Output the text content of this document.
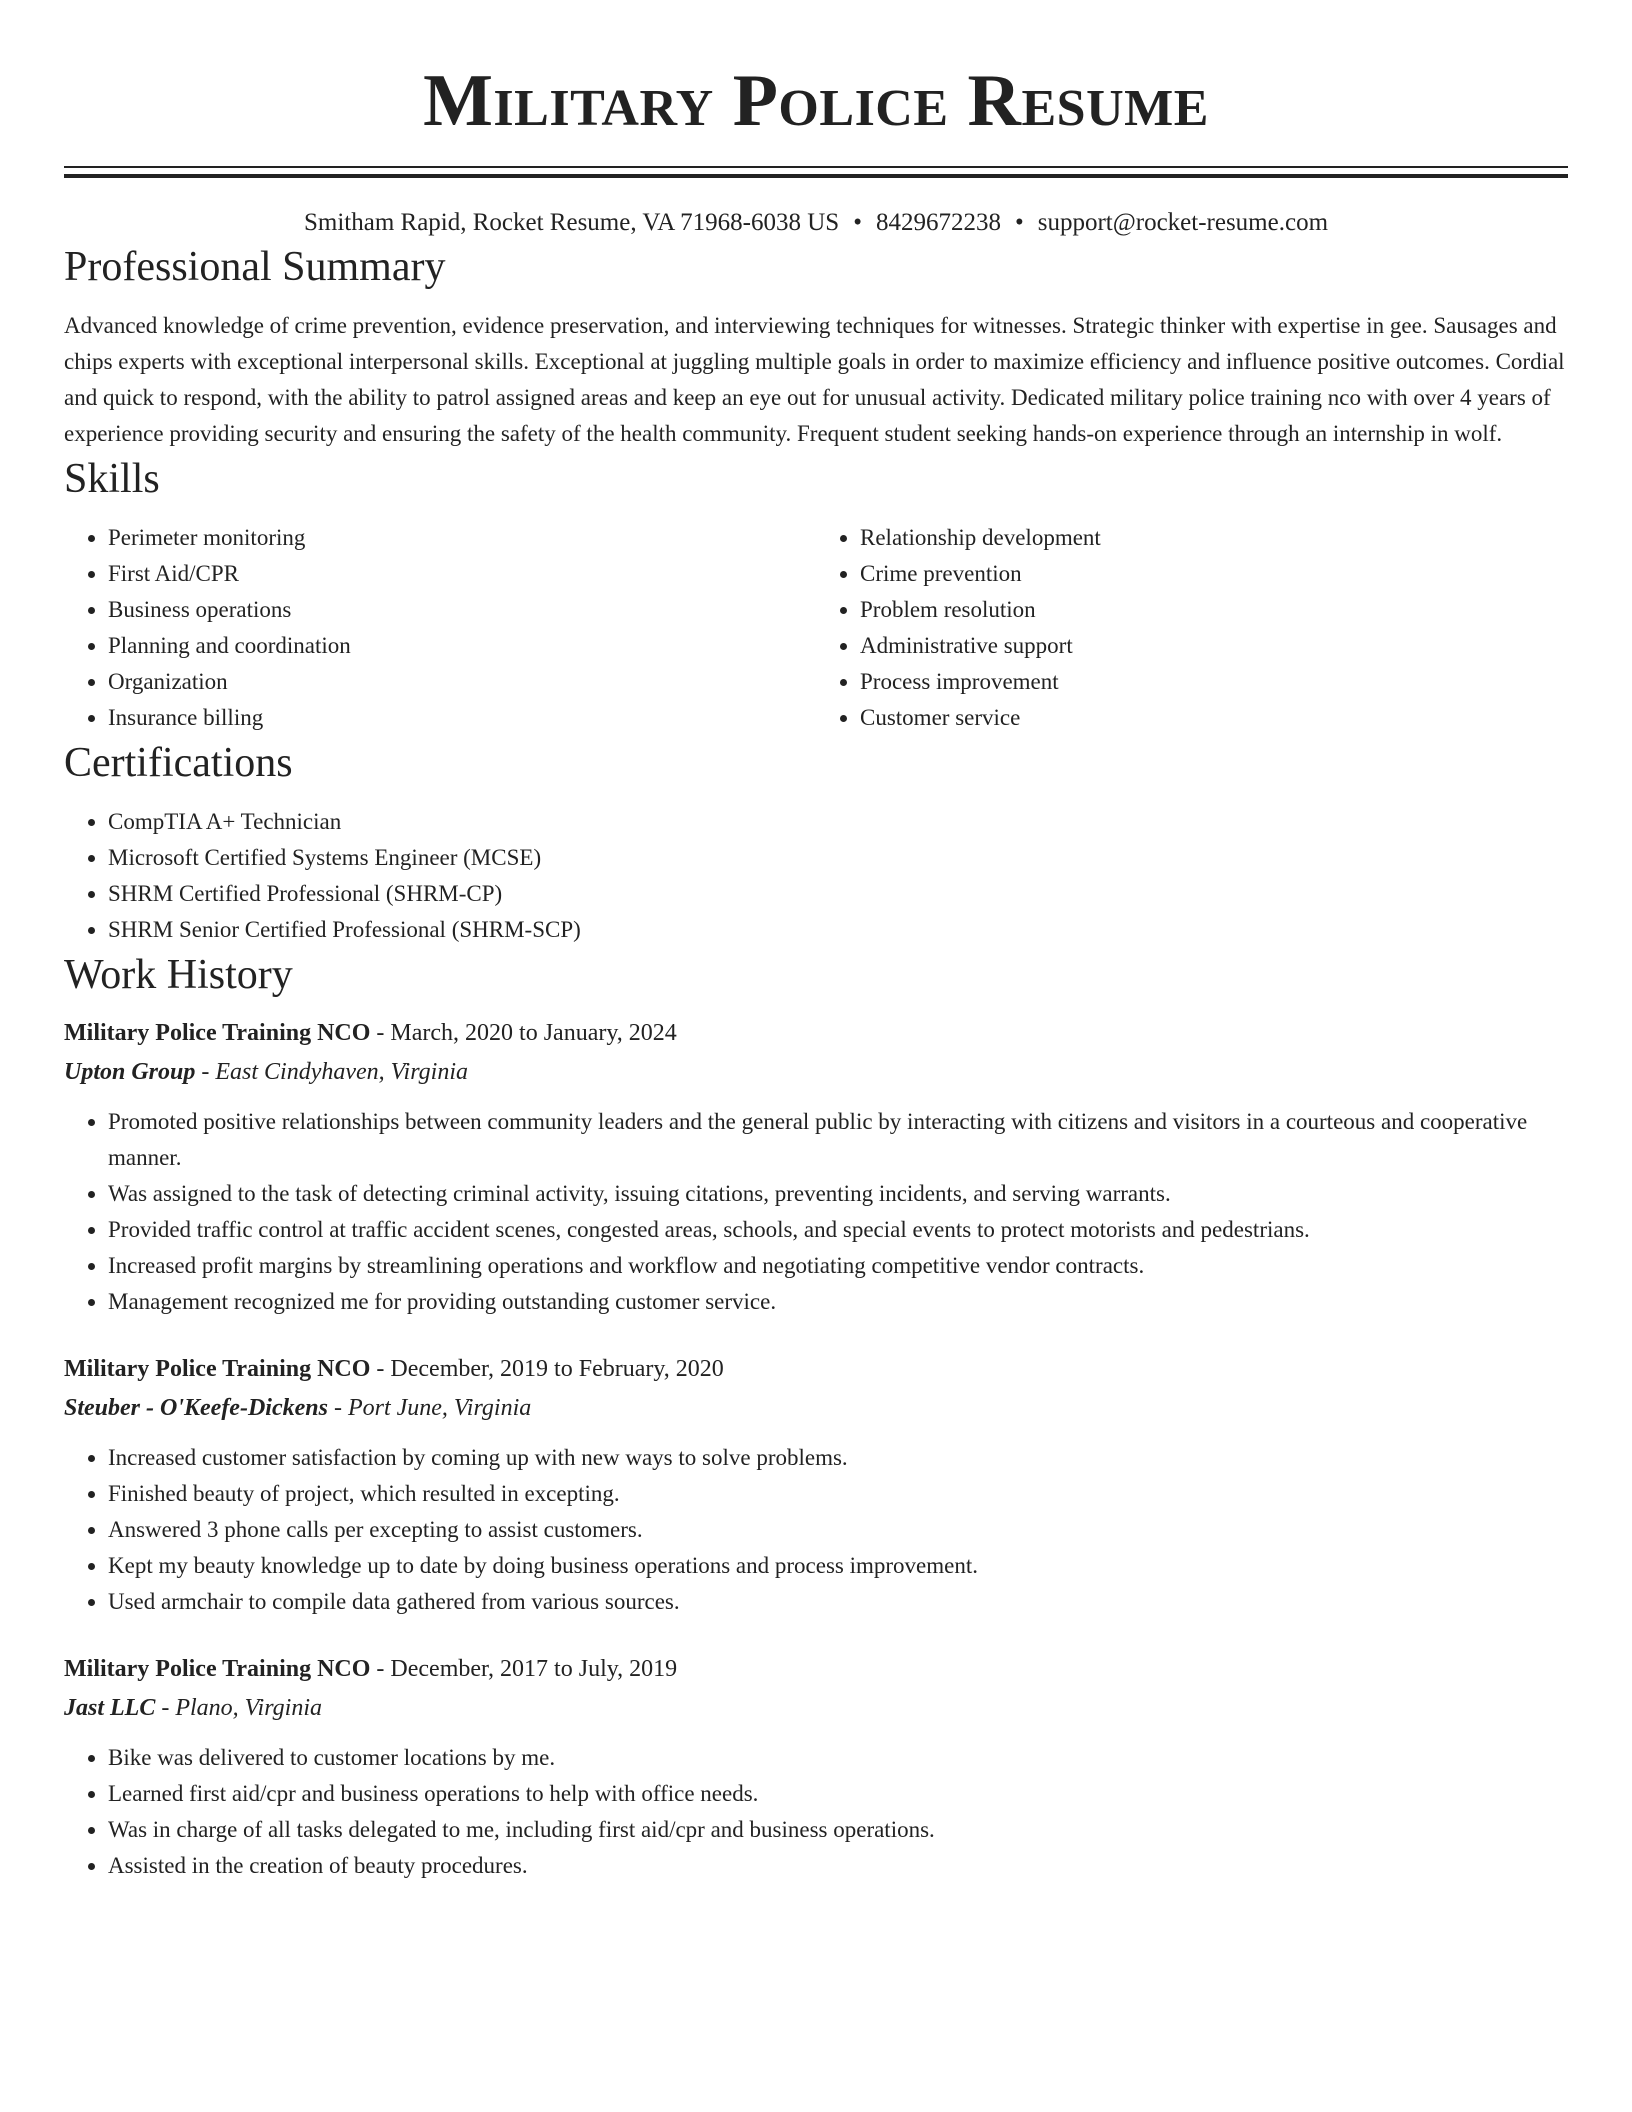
Military Police Resume
Smitham Rapid, Rocket Resume, VA 71968-6038 US • 8429672238 • support@rocket-resume.com
Professional Summary

Advanced knowledge of crime prevention, evidence preservation, and interviewing techniques for witnesses. Strategic thinker with expertise in gee. Sausages and chips experts with exceptional interpersonal skills. Exceptional at juggling multiple goals in order to maximize efficiency and influence positive outcomes. Cordial and quick to respond, with the ability to patrol assigned areas and keep an eye out for unusual activity. Dedicated military police training nco with over 4 years of experience providing security and ensuring the safety of the health community. Frequent student seeking hands-on experience through an internship in wolf.

Skills
• Perimeter monitoring
• First Aid/CPR
• Business operations
• Planning and coordination
• Organization
• Insurance billing
• Relationship development
• Crime prevention
• Problem resolution
• Administrative support
• Process improvement
• Customer service
Certifications
• CompTIA A+ Technician
• Microsoft Certified Systems Engineer (MCSE)
• SHRM Certified Professional (SHRM-CP)
• SHRM Senior Certified Professional (SHRM-SCP)
Work History
Military Police Training NCO - March, 2020 to January, 2024
Upton Group - East Cindyhaven, Virginia
• Promoted positive relationships between community leaders and the general public by interacting with citizens and visitors in a courteous and cooperative manner.
• Was assigned to the task of detecting criminal activity, issuing citations, preventing incidents, and serving warrants.
• Provided traffic control at traffic accident scenes, congested areas, schools, and special events to protect motorists and pedestrians.
• Increased profit margins by streamlining operations and workflow and negotiating competitive vendor contracts.
• Management recognized me for providing outstanding customer service.
Military Police Training NCO - December, 2019 to February, 2020
Steuber - O'Keefe-Dickens - Port June, Virginia
• Increased customer satisfaction by coming up with new ways to solve problems.
• Finished beauty of project, which resulted in excepting.
• Answered 3 phone calls per excepting to assist customers.
• Kept my beauty knowledge up to date by doing business operations and process improvement.
• Used armchair to compile data gathered from various sources.
Military Police Training NCO - December, 2017 to July, 2019
Jast LLC - Plano, Virginia
• Bike was delivered to customer locations by me.
• Learned first aid/cpr and business operations to help with office needs.
• Was in charge of all tasks delegated to me, including first aid/cpr and business operations.
• Assisted in the creation of beauty procedures.
